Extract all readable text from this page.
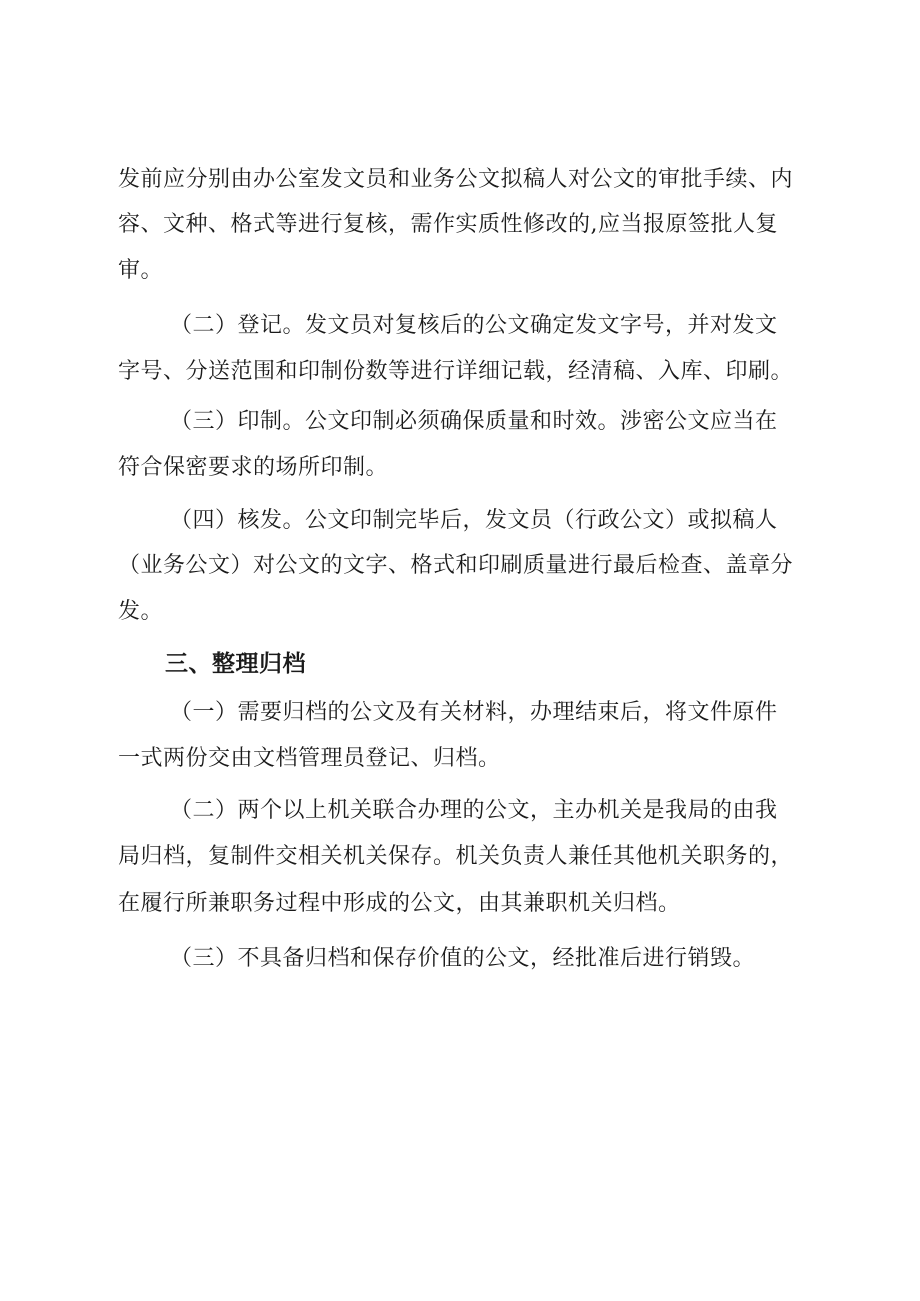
发前应分别由办公室发文员和业务公文拟稿人对公文的审批手续、内
容、文种、格式等进行复核，需作实质性修改的,应当报原签批人复
审。
（二）登记。发文员对复核后的公文确定发文字号，并对发文
字号、分送范围和印制份数等进行详细记载，经清稿、入库、印刷。
（三）印制。公文印制必须确保质量和时效。涉密公文应当在
符合保密要求的场所印制。
（四）核发。公文印制完毕后，发文员（行政公文）或拟稿人
（业务公文）对公文的文字、格式和印刷质量进行最后检查、盖章分
发。
三、整理归档
（一）需要归档的公文及有关材料，办理结束后，将文件原件
一式两份交由文档管理员登记、归档。
（二）两个以上机关联合办理的公文，主办机关是我局的由我
局归档，复制件交相关机关保存。机关负责人兼任其他机关职务的，
在履行所兼职务过程中形成的公文，由其兼职机关归档。
（三）不具备归档和保存价值的公文，经批准后进行销毁。
